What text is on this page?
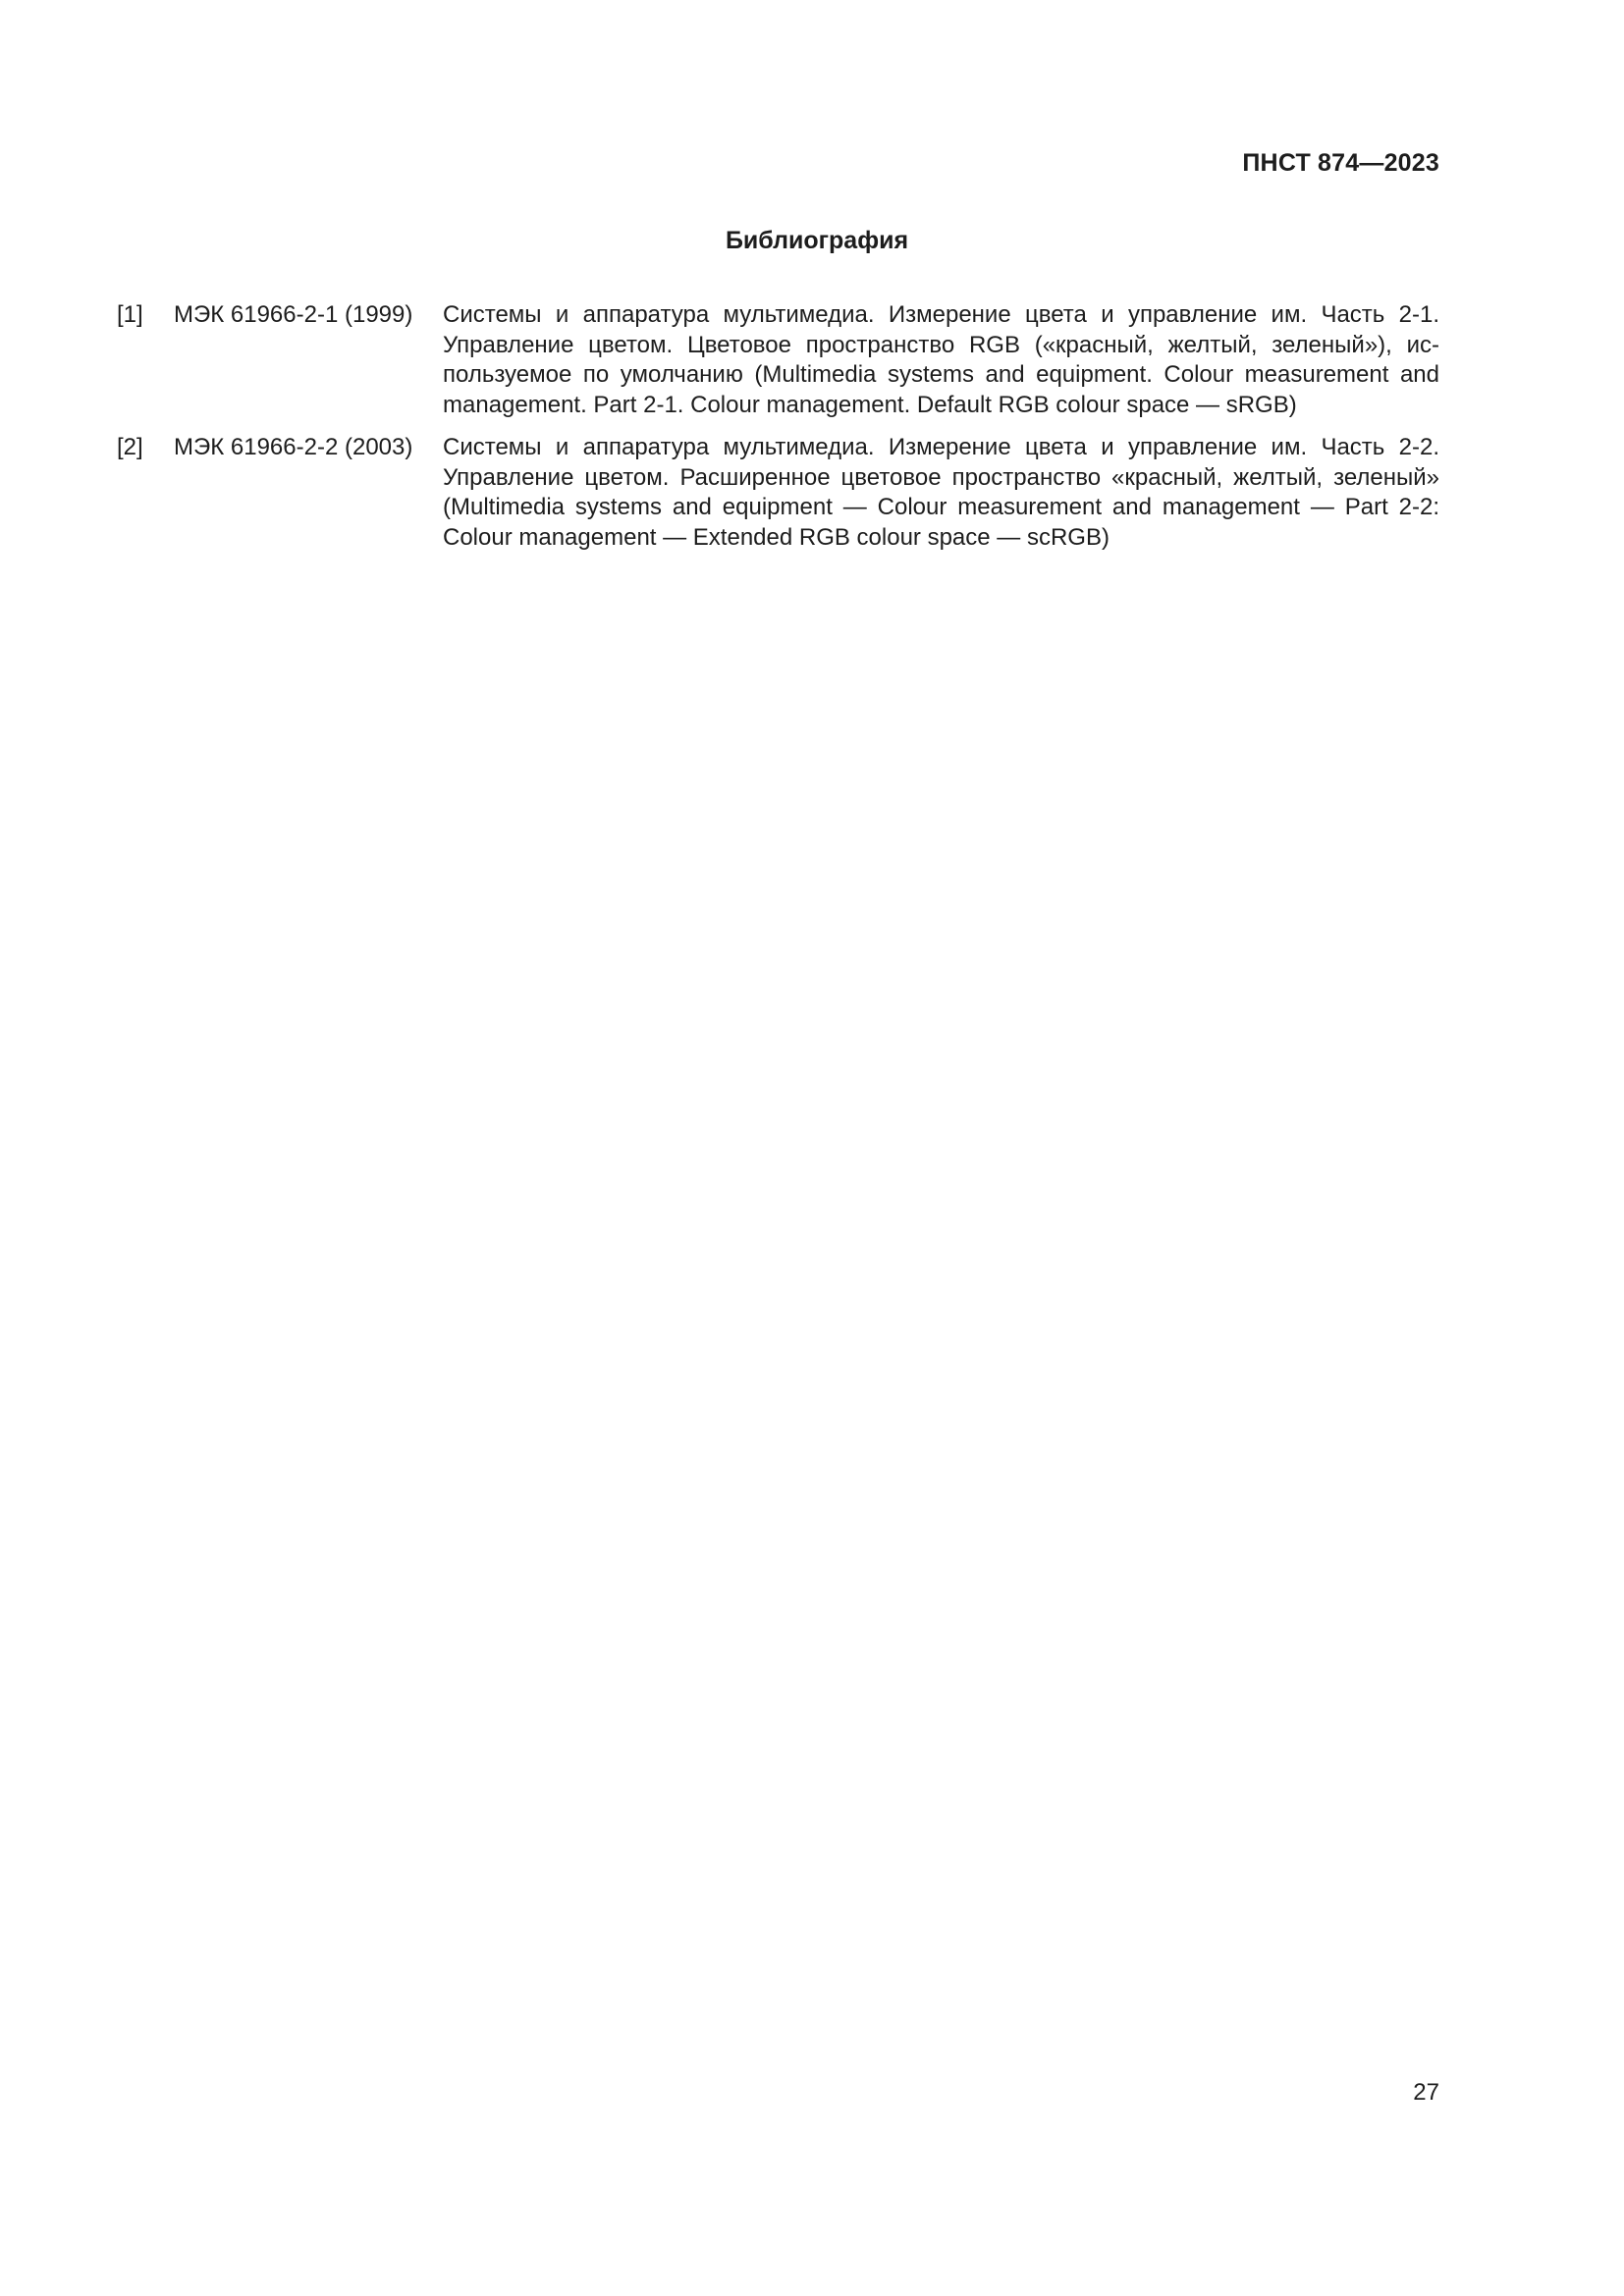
ПНСТ 874—2023
Библиография
[1] МЭК 61966-2-1 (1999) Системы и аппаратура мультимедиа. Измерение цвета и управление им. Часть 2-1. Управление цветом. Цветовое пространство RGB («красный, желтый, зеленый»), используемое по умолчанию (Multimedia systems and equipment. Colour measurement and management. Part 2-1. Colour management. Default RGB colour space — sRGB)
[2] МЭК 61966-2-2 (2003) Системы и аппаратура мультимедиа. Измерение цвета и управление им. Часть 2-2. Управление цветом. Расширенное цветовое пространство «красный, желтый, зеленый» (Multimedia systems and equipment — Colour measurement and management — Part 2-2: Colour management — Extended RGB colour space — scRGB)
27
